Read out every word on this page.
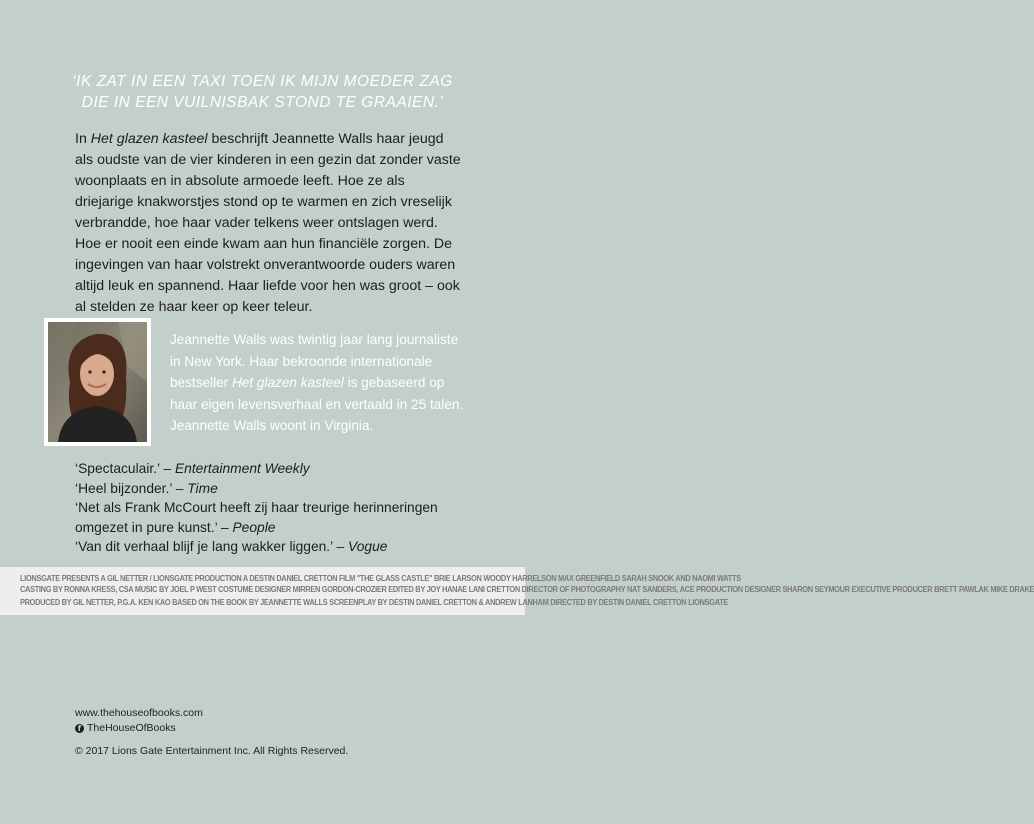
‘IK ZAT IN EEN TAXI TOEN IK MIJN MOEDER ZAG
DIE IN EEN VUILNISBAK STOND TE GRAAIEN.’

In Het glazen kasteel beschrijft Jeannette Walls haar jeugd als oudste van de vier kinderen in een gezin dat zonder vaste woonplaats en in absolute armoede leeft. Hoe ze als driejarige knakworstjes stond op te warmen en zich vreselijk verbrandde, hoe haar vader telkens weer ontslagen werd. Hoe er nooit een einde kwam aan hun financiële zorgen. De ingevingen van haar volstrekt onverantwoorde ouders waren altijd leuk en spannend. Haar liefde voor hen was groot – ook al stelden ze haar keer op keer teleur.

Jeannette Walls was twintig jaar lang journaliste in New York. Haar bekroonde internationale bestseller Het glazen kasteel is gebaseerd op haar eigen levensverhaal en vertaald in 25 talen. Jeannette Walls woont in Virginia.

‘Spectaculair.’ – Entertainment Weekly
‘Heel bijzonder.’ – Time
‘Net als Frank McCourt heeft zij haar treurige herinneringen omgezet in pure kunst.’ – People
‘Van dit verhaal blijf je lang wakker liggen.’ – Vogue
LIONSGATE PRESENTS A GIL NETTER / LIONSGATE PRODUCTION A DESTIN DANIEL CRETTON FILM "THE GLASS CASTLE" BRIE LARSON WOODY HARRELSON MAX GREENFIELD SARAH SNOOK AND NAOMI WATTS
CASTING BY RONNA KRESS, CSA MUSIC BY JOEL P WEST COSTUME DESIGNER MIRREN GORDON-CROZIER EDITED BY JOY HANAE LANI CRETTON DIRECTOR OF PHOTOGRAPHY NAT SANDERS, ACE PRODUCTION DESIGNER SHARON SEYMOUR EXECUTIVE PRODUCER BRETT PAWLAK MIKE DRAKE
PRODUCED BY GIL NETTER, P.G.A. KEN KAO BASED ON THE BOOK BY JEANNETTE WALLS SCREENPLAY BY DESTIN DANIEL CRETTON & ANDREW LANHAM DIRECTED BY DESTIN DANIEL CRETTON LIONSGATE
www.thehouseofbooks.com
f TheHouseOfBooks
© 2017 Lions Gate Entertainment Inc. All Rights Reserved.
